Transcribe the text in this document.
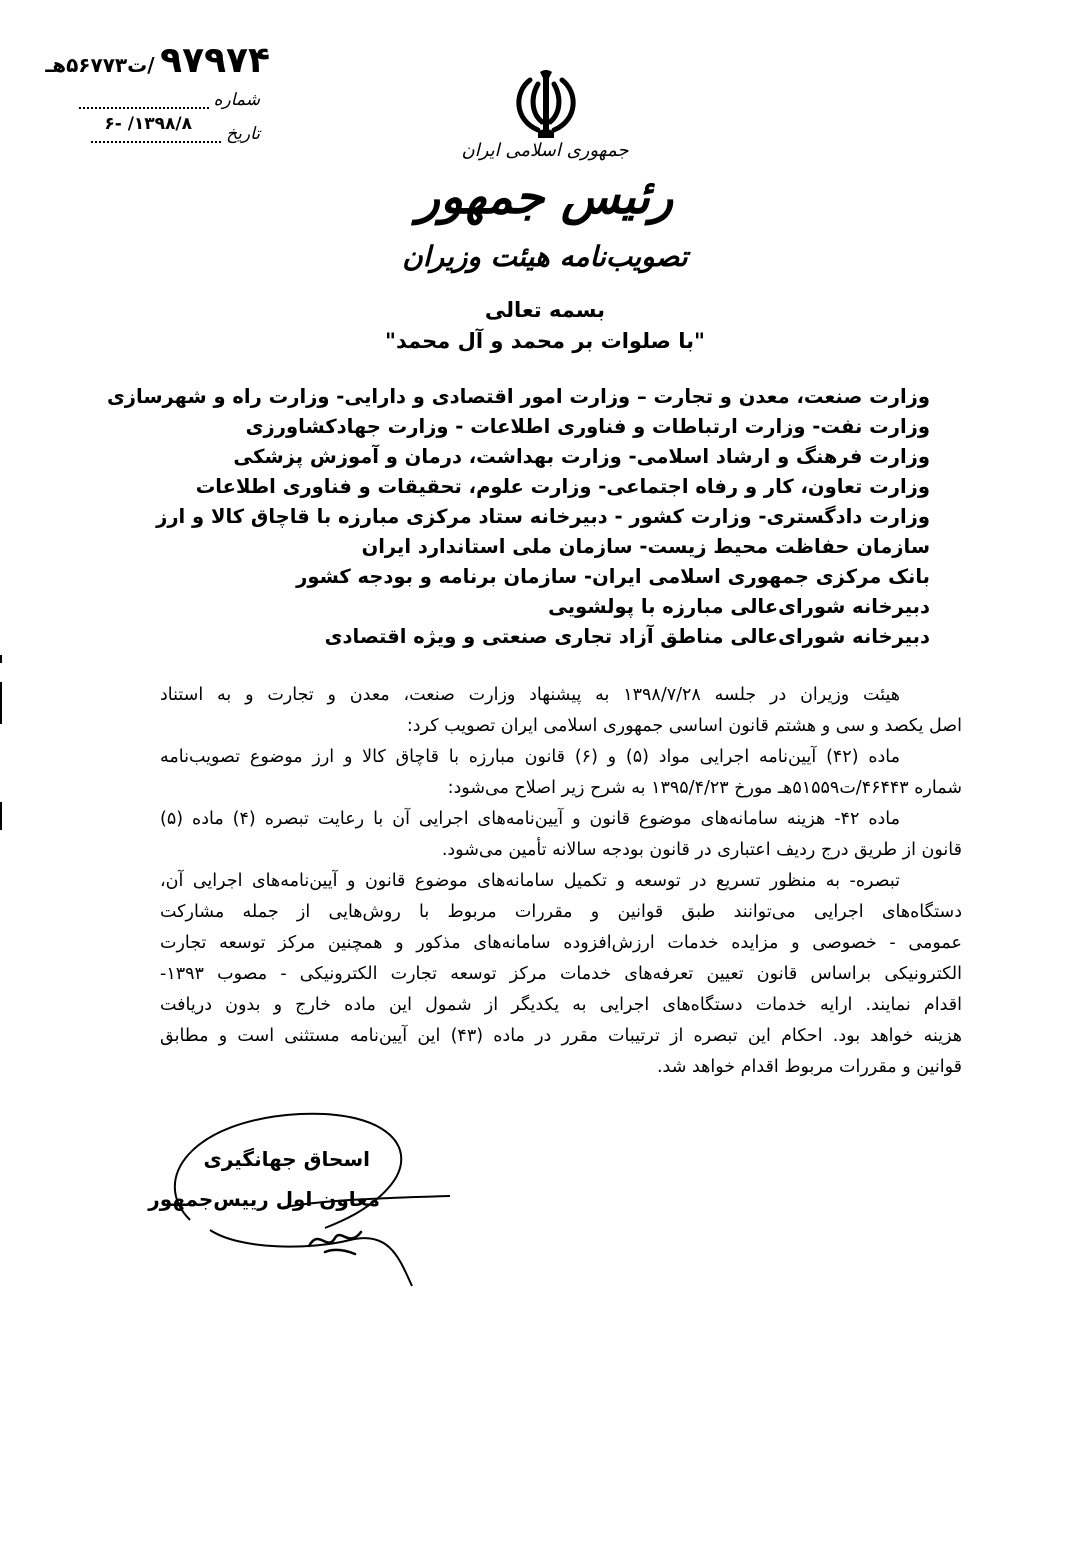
۹۷۹۷۴ /ت۵۶۷۷۳هـ
شماره
تاریخ
۱۳۹۸/۸/ -۶
جمهوری اسلامی ایران
رئیس جمهور
تصویب‌نامه هیئت وزیران
بسمه تعالی
"با صلوات بر محمد و آل محمد"
وزارت صنعت، معدن و تجارت – وزارت امور اقتصادی و دارایی- وزارت راه و شهرسازی
وزارت نفت- وزارت ارتباطات و فناوری اطلاعات - وزارت جهادکشاورزی
وزارت فرهنگ و ارشاد اسلامی- وزارت بهداشت، درمان و آموزش پزشکی
وزارت تعاون، کار و رفاه اجتماعی- وزارت علوم، تحقیقات و فناوری اطلاعات
وزارت دادگستری- وزارت کشور - دبیرخانه ستاد مرکزی مبارزه با قاچاق کالا و ارز
سازمان حفاظت محیط زیست- سازمان ملی استاندارد ایران
بانک مرکزی جمهوری اسلامی ایران- سازمان برنامه و بودجه کشور
دبیرخانه شورای‌عالی مبارزه با پولشویی
دبیرخانه شورای‌عالی مناطق آزاد تجاری صنعتی و ویژه اقتصادی
هیئت وزیران در جلسه ۱۳۹۸/۷/۲۸ به پیشنهاد وزارت صنعت، معدن و تجارت و به استناد
اصل یکصد و سی و هشتم قانون اساسی جمهوری اسلامی ایران تصویب کرد:
ماده (۴۲) آیین‌نامه اجرایی مواد (۵) و (۶) قانون مبارزه با قاچاق کالا و ارز موضوع تصویب‌نامه
شماره ۴۶۴۴۳/ت۵۱۵۵۹هـ مورخ ۱۳۹۵/۴/۲۳ به شرح زیر اصلاح می‌شود:
ماده ۴۲- هزینه سامانه‌های موضوع قانون و آیین‌نامه‌های اجرایی آن با رعایت تبصره (۴) ماده (۵)
قانون از طریق درج ردیف اعتباری در قانون بودجه سالانه تأمین می‌شود.
تبصره- به منظور تسریع در توسعه و تکمیل سامانه‌های موضوع قانون و آیین‌نامه‌های اجرایی آن،
دستگاه‌های اجرایی می‌توانند طبق قوانین و مقررات مربوط با روش‌هایی از جمله مشارکت
عمومی - خصوصی و مزایده خدمات ارزش‌افزوده سامانه‌های مذکور و همچنین مرکز توسعه تجارت
الکترونیکی براساس قانون تعیین تعرفه‌های خدمات مرکز توسعه تجارت الکترونیکی - مصوب ۱۳۹۳-
اقدام نمایند. ارایه خدمات دستگاه‌های اجرایی به یکدیگر از شمول این ماده خارج و بدون دریافت
هزینه خواهد بود. احکام این تبصره از ترتیبات مقرر در ماده (۴۳) این آیین‌نامه مستثنی است و مطابق
قوانین و مقررات مربوط اقدام خواهد شد.
اسحاق جهانگیری
معاون اول رییس‌جمهور
